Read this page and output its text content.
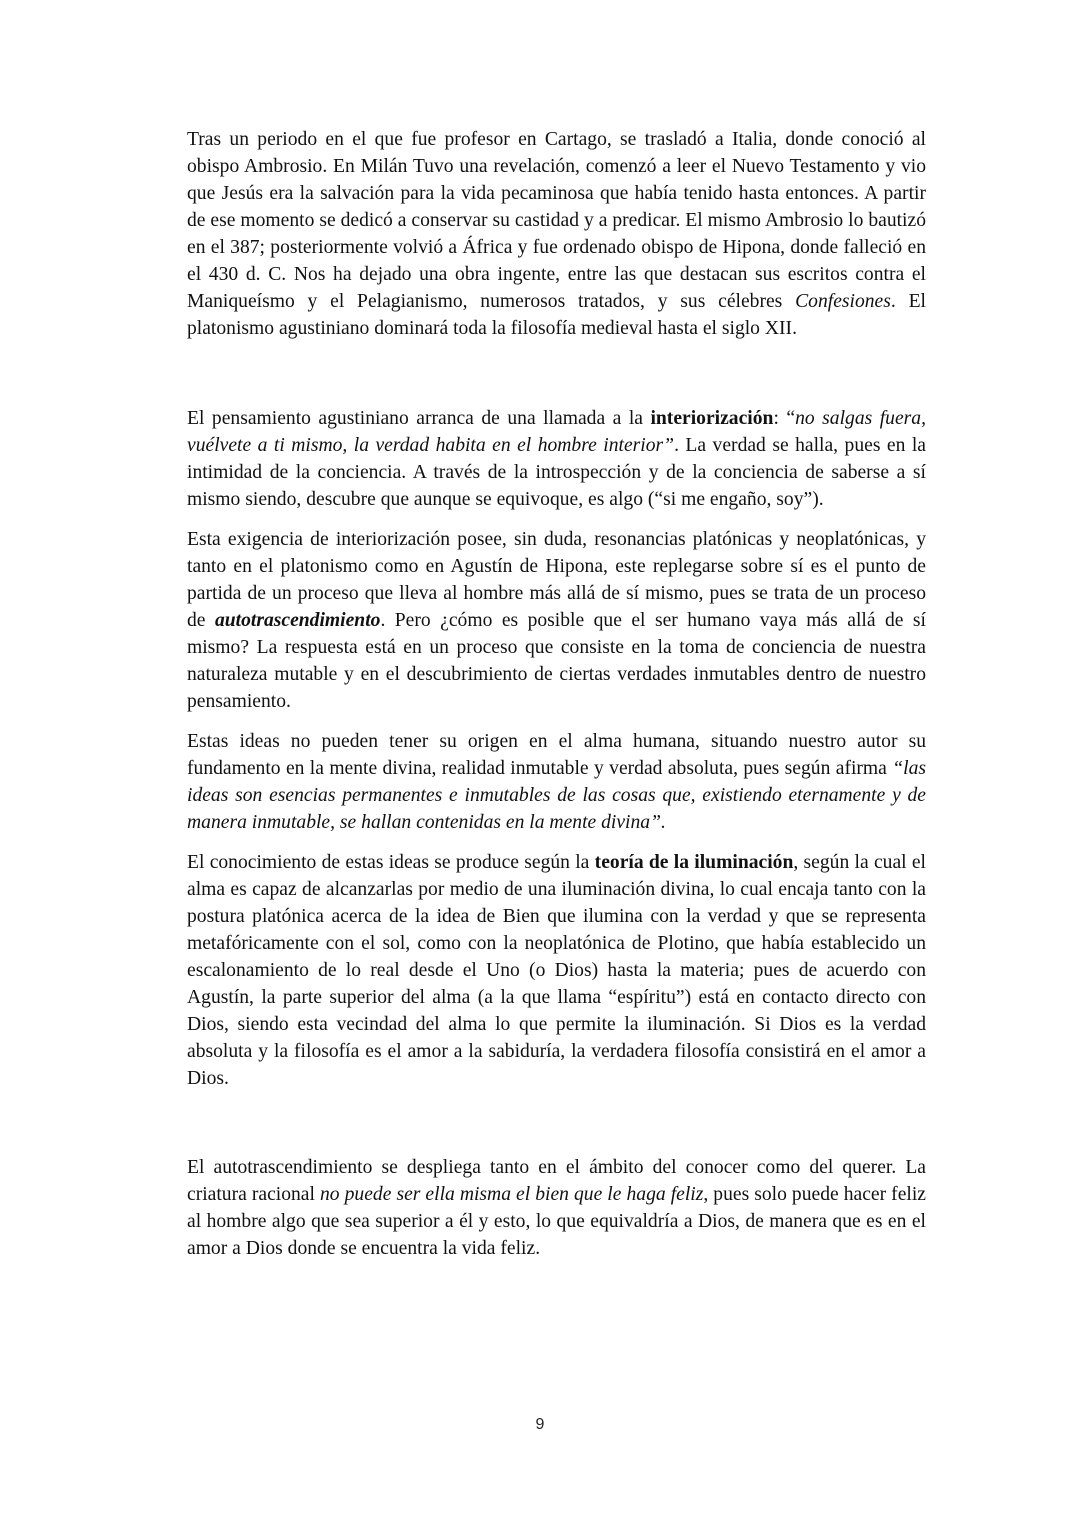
Tras un periodo en el que fue profesor en Cartago, se trasladó a Italia, donde conoció al obispo Ambrosio. En Milán Tuvo una revelación, comenzó a leer el Nuevo Testamento y vio que Jesús era la salvación para la vida pecaminosa que había tenido hasta entonces. A partir de ese momento se dedicó a conservar su castidad y a predicar. El mismo Ambrosio lo bautizó en el 387; posteriormente volvió a África y fue ordenado obispo de Hipona, donde falleció en el 430 d. C. Nos ha dejado una obra ingente, entre las que destacan sus escritos contra el Maniqueísmo y el Pelagianismo, numerosos tratados, y sus célebres Confesiones. El platonismo agustiniano dominará toda la filosofía medieval hasta el siglo XII.

El pensamiento agustiniano arranca de una llamada a la interiorización: “no salgas fuera, vuélvete a ti mismo, la verdad habita en el hombre interior”. La verdad se halla, pues en la intimidad de la conciencia. A través de la introspección y de la conciencia de saberse a sí mismo siendo, descubre que aunque se equivoque, es algo (“si me engaño, soy”).

Esta exigencia de interiorización posee, sin duda, resonancias platónicas y neoplatónicas, y tanto en el platonismo como en Agustín de Hipona, este replegarse sobre sí es el punto de partida de un proceso que lleva al hombre más allá de sí mismo, pues se trata de un proceso de autotrascendimiento. Pero ¿cómo es posible que el ser humano vaya más allá de sí mismo? La respuesta está en un proceso que consiste en la toma de conciencia de nuestra naturaleza mutable y en el descubrimiento de ciertas verdades inmutables dentro de nuestro pensamiento.

Estas ideas no pueden tener su origen en el alma humana, situando nuestro autor su fundamento en la mente divina, realidad inmutable y verdad absoluta, pues según afirma “las ideas son esencias permanentes e inmutables de las cosas que, existiendo eternamente y de manera inmutable, se hallan contenidas en la mente divina”.

El conocimiento de estas ideas se produce según la teoría de la iluminación, según la cual el alma es capaz de alcanzarlas por medio de una iluminación divina, lo cual encaja tanto con la postura platónica acerca de la idea de Bien que ilumina con la verdad y que se representa metafóricamente con el sol, como con la neoplatónica de Plotino, que había establecido un escalonamiento de lo real desde el Uno (o Dios) hasta la materia; pues de acuerdo con Agustín, la parte superior del alma (a la que llama “espíritu”) está en contacto directo con Dios, siendo esta vecindad del alma lo que permite la iluminación. Si Dios es la verdad absoluta y la filosofía es el amor a la sabiduría, la verdadera filosofía consistirá en el amor a Dios.

El autotrascendimiento se despliega tanto en el ámbito del conocer como del querer. La criatura racional no puede ser ella misma el bien que le haga feliz, pues solo puede hacer feliz al hombre algo que sea superior a él y esto, lo que equivaldría a Dios, de manera que es en el amor a Dios donde se encuentra la vida feliz.

9
